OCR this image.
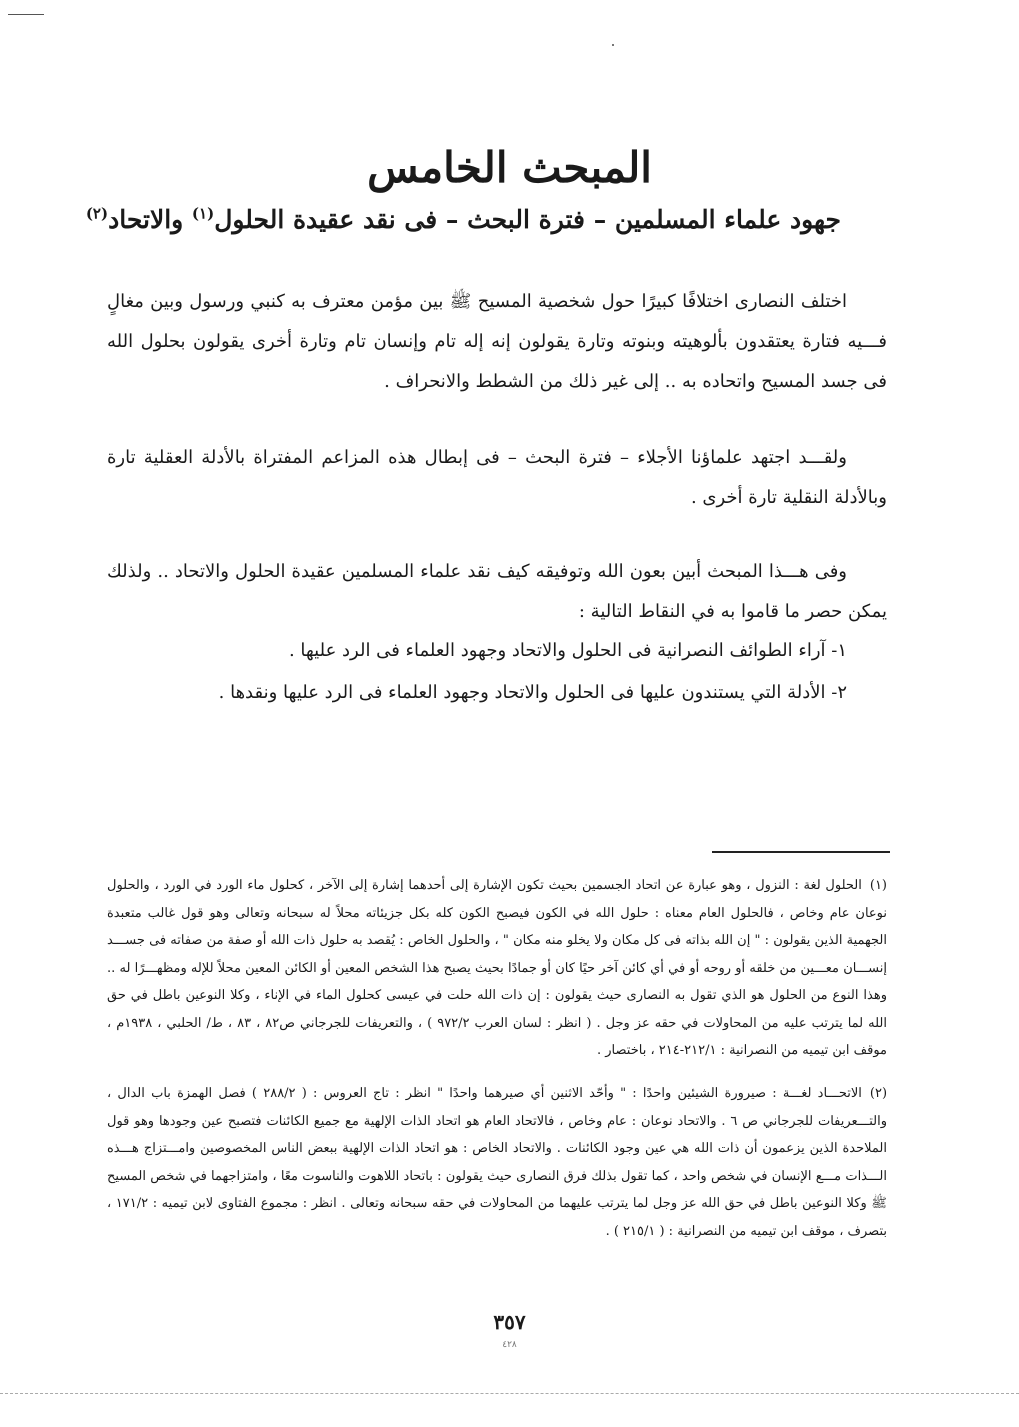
المبحث الخامس
جهود علماء المسلمين – فترة البحث – فى نقد عقيدة الحلول$^{(١)}$ والاتحاد$^{(٢)}$

اختلف النصارى اختلافًا كبيرًا حول شخصية المسيح ﷺ بين مؤمن معترف به كنبي ورسول وبين مغالٍ فـــيه فتارة يعتقدون بألوهيته وبنوته وتارة يقولون إنه إله تام وإنسان تام وتارة أخرى يقولون بحلول الله فى جسد المسيح واتحاده به .. إلى غير ذلك من الشطط والانحراف .

ولقـــد اجتهد علماؤنا الأجلاء – فترة البحث – فى إبطال هذه المزاعم المفتراة بالأدلة العقلية تارة وبالأدلة النقلية تارة أخرى .

وفى هـــذا المبحث أبين بعون الله وتوفيقه كيف نقد علماء المسلمين عقيدة الحلول والاتحاد .. ولذلك يمكن حصر ما قاموا به في النقاط التالية :

١- آراء الطوائف النصرانية فى الحلول والاتحاد وجهود العلماء فى الرد عليها .
٢- الأدلة التي يستندون عليها فى الحلول والاتحاد وجهود العلماء فى الرد عليها ونقدها .

(١)الحلول لغة : النزول ، وهو عبارة عن اتحاد الجسمين بحيث تكون الإشارة إلى أحدهما إشارة إلى الآخر ، كحلول ماء الورد في الورد ، والحلول نوعان عام وخاص ، فالحلول العام معناه : حلول الله في الكون فيصبح الكون كله بكل جزيئاته محلاً له سبحانه وتعالى وهو قول غالب متعبدة الجهمية الذين يقولون : " إن الله بذاته فى كل مكان ولا يخلو منه مكان " ، والحلول الخاص : يُقصد به حلول ذات الله أو صفة من صفاته فى جســـد إنســـان معـــين من خلقه أو روحه أو في أي كائن آخر حيًا كان أو جمادًا بحيث يصبح هذا الشخص المعين أو الكائن المعين محلاً للإله ومظهـــرًا له .. وهذا النوع من الحلول هو الذي تقول به النصارى حيث يقولون : إن ذات الله حلت في عيسى كحلول الماء في الإناء ، وكلا النوعين باطل في حق الله لما يترتب عليه من المحاولات في حقه عز وجل . ( انظر : لسان العرب ٩٧٢/٢ ) ، والتعريفات للجرجاني ص٨٢ ، ٨٣ ، ط/ الحلبي ، ١٩٣٨م ، موقف ابن تيميه من النصرانية : ٢١٢/١-٢١٤ ، باختصار .

(٢)الاتحـــاد لغـــة : صيرورة الشيئين واحدًا : " وأحّد الاثنين أي صيرهما واحدًا " انظر : تاج العروس : ( ٢٨٨/٢ ) فصل الهمزة باب الدال ، والتـــعريفات للجرجاني ص ٦ . والاتحاد نوعان : عام وخاص ، فالاتحاد العام هو اتحاد الذات الإلهية مع جميع الكائنات فتصبح عين وجودها وهو قول الملاحدة الذين يزعمون أن ذات الله هي عين وجود الكائنات . والاتحاد الخاص : هو اتحاد الذات الإلهية ببعض الناس المخصوصين وامـــتزاج هـــذه الـــذات مـــع الإنسان في شخص واحد ، كما تقول بذلك فرق النصارى حيث يقولون : باتحاد اللاهوت والناسوت معًا ، وامتزاجهما في شخص المسيح ﷺ وكلا النوعين باطل في حق الله عز وجل لما يترتب عليهما من المحاولات في حقه سبحانه وتعالى . انظر : مجموع الفتاوى لابن تيميه : ١٧١/٢ ، بتصرف ، موقف ابن تيميه من النصرانية : ( ٢١٥/١ ) .

٣٥٧

٤٢٨
